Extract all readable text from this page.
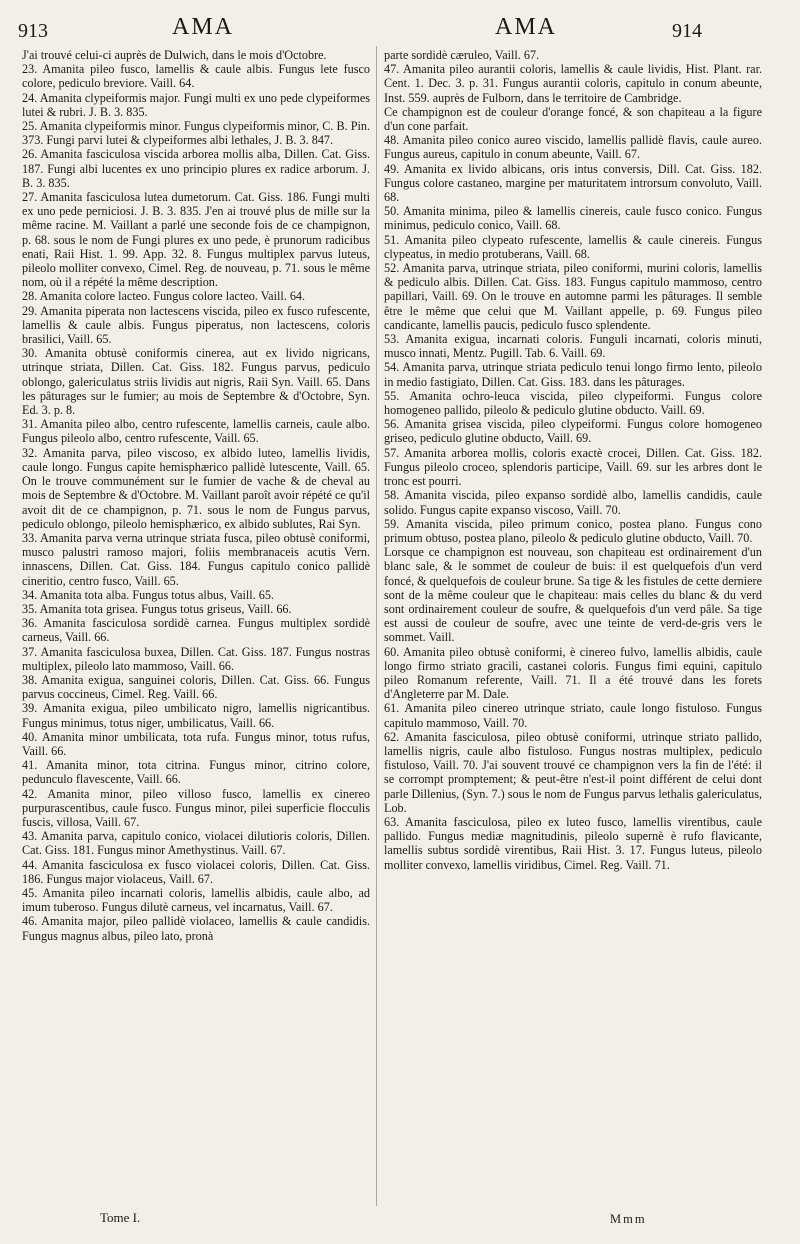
913	AMA	AMA	914

J'ai trouvé celui-ci auprès de Dulwich, dans le mois d'Octobre.

23. Amanita pileo fusco, lamellis & caule albis. Fungus lete fusco colore, pediculo breviore. Vaill. 64.

24. Amanita clypeiformis major. Fungi multi ex uno pede clypeiformes lutei & rubri. J. B. 3. 835.

25. Amanita clypeiformis minor. Fungus clypeiformis minor, C. B. Pin. 373. Fungi parvi lutei & clypeiformes albi lethales, J. B. 3. 847.

26. Amanita fasciculosa viscida arborea mollis alba, Dillen. Cat. Giss. 187. Fungi albi lucentes ex uno principio plures ex radice arborum. J. B. 3. 835.

27. Amanita fasciculosa lutea dumetorum. Cat. Giss. 186. Fungi multi ex uno pede perniciosi. J. B. 3. 835. J'en ai trouvé plus de mille sur la même racine. M. Vaillant a parlé une seconde fois de ce champignon, p. 68. sous le nom de Fungi plures ex uno pede, è prunorum radicibus enati, Raii Hist. 1. 99. App. 32. 8. Fungus multiplex parvus luteus, pileolo molliter convexo, Cimel. Reg. de nouveau, p. 71. sous le même nom, où il a répété la même description.

28. Amanita colore lacteo. Fungus colore lacteo. Vaill. 64.

29. Amanita piperata non lactescens viscida, pileo ex fusco rufescente, lamellis & caule albis. Fungus piperatus, non lactescens, coloris brasilici, Vaill. 65.

30. Amanita obtusè coniformis cinerea, aut ex livido nigricans, utrinque striata, Dillen. Cat. Giss. 182. Fungus parvus, pediculo oblongo, galericulatus striis lividis aut nigris, Raii Syn. Vaill. 65. Dans les pâturages sur le fumier; au mois de Septembre & d'Octobre, Syn. Ed. 3. p. 8.

31. Amanita pileo albo, centro rufescente, lamellis carneis, caule albo. Fungus pileolo albo, centro rufescente, Vaill. 65.

32. Amanita parva, pileo viscoso, ex albido luteo, lamellis lividis, caule longo. Fungus capite hemisphærico pallidè lutescente, Vaill. 65. On le trouve communément sur le fumier de vache & de cheval au mois de Septembre & d'Octobre. M. Vaillant paroît avoir répété ce qu'il avoit dit de ce champignon, p. 71. sous le nom de Fungus parvus, pediculo oblongo, pileolo hemisphærico, ex albido sublutes, Rai Syn.

33. Amanita parva verna utrinque striata fusca, pileo obtusè coniformi, musco palustri ramoso majori, foliis membranaceis acutis Vern. innascens, Dillen. Cat. Giss. 184. Fungus capitulo conico pallidè cineritio, centro fusco, Vaill. 65.

34. Amanita tota alba. Fungus totus albus, Vaill. 65.

35. Amanita tota grisea. Fungus totus griseus, Vaill. 66.

36. Amanita fasciculosa sordidè carnea. Fungus multiplex sordidè carneus, Vaill. 66.

37. Amanita fasciculosa buxea, Dillen. Cat. Giss. 187. Fungus nostras multiplex, pileolo lato mammoso, Vaill. 66.

38. Amanita exigua, sanguinei coloris, Dillen. Cat. Giss. 66. Fungus parvus coccineus, Cimel. Reg. Vaill. 66.

39. Amanita exigua, pileo umbilicato nigro, lamellis nigricantibus. Fungus minimus, totus niger, umbilicatus, Vaill. 66.

40. Amanita minor umbilicata, tota rufa. Fungus minor, totus rufus, Vaill. 66.

41. Amanita minor, tota citrina. Fungus minor, citrino colore, pedunculo flavescente, Vaill. 66.

42. Amanita minor, pileo villoso fusco, lamellis ex cinereo purpurascentibus, caule fusco. Fungus minor, pilei superficie flocculis fuscis, villosa, Vaill. 67.

43. Amanita parva, capitulo conico, violacei dilutioris coloris, Dillen. Cat. Giss. 181. Fungus minor Amethystinus. Vaill. 67.

44. Amanita fasciculosa ex fusco violacei coloris, Dillen. Cat. Giss. 186. Fungus major violaceus, Vaill. 67.

45. Amanita pileo incarnati coloris, lamellis albidis, caule albo, ad imum tuberoso. Fungus dilutè carneus, vel incarnatus, Vaill. 67.

46. Amanita major, pileo pallidè violaceo, lamellis & caule candidis. Fungus magnus albus, pileo lato, pronà

parte sordidè cæruleo, Vaill. 67.

47. Amanita pileo aurantii coloris, lamellis & caule lividis, Hist. Plant. rar. Cent. 1. Dec. 3. p. 31. Fungus aurantii coloris, capitulo in conum abeunte, Inst. 559. auprès de Fulborn, dans le territoire de Cambridge.

Ce champignon est de couleur d'orange foncé, & son chapiteau a la figure d'un cone parfait.

48. Amanita pileo conico aureo viscido, lamellis pallidè flavis, caule aureo. Fungus aureus, capitulo in conum abeunte, Vaill. 67.

49. Amanita ex livido albicans, oris intus conversis, Dill. Cat. Giss. 182. Fungus colore castaneo, margine per maturitatem introrsum convoluto, Vaill. 68.

50. Amanita minima, pileo & lamellis cinereis, caule fusco conico. Fungus minimus, pediculo conico, Vaill. 68.

51. Amanita pileo clypeato rufescente, lamellis & caule cinereis. Fungus clypeatus, in medio protuberans, Vaill. 68.

52. Amanita parva, utrinque striata, pileo coniformi, murini coloris, lamellis & pediculo albis. Dillen. Cat. Giss. 183. Fungus capitulo mammoso, centro papillari, Vaill. 69. On le trouve en automne parmi les pâturages. Il semble être le même que celui que M. Vaillant appelle, p. 69. Fungus pileo candicante, lamellis paucis, pediculo fusco splendente.

53. Amanita exigua, incarnati coloris. Funguli incarnati, coloris minuti, musco innati, Mentz. Pugill. Tab. 6. Vaill. 69.

54. Amanita parva, utrinque striata pediculo tenui longo firmo lento, pileolo in medio fastigiato, Dillen. Cat. Giss. 183. dans les pâturages.

55. Amanita ochro-leuca viscida, pileo clypeiformi. Fungus colore homogeneo pallido, pileolo & pediculo glutine obducto. Vaill. 69.

56. Amanita grisea viscida, pileo clypeiformi. Fungus colore homogeneo griseo, pediculo glutine obducto, Vaill. 69.

57. Amanita arborea mollis, coloris exactè crocei, Dillen. Cat. Giss. 182. Fungus pileolo croceo, splendoris participe, Vaill. 69. sur les arbres dont le tronc est pourri.

58. Amanita viscida, pileo expanso sordidè albo, lamellis candidis, caule solido. Fungus capite expanso viscoso, Vaill. 70.

59. Amanita viscida, pileo primum conico, postea plano. Fungus cono primum obtuso, postea plano, pileolo & pediculo glutine obducto, Vaill. 70.

Lorsque ce champignon est nouveau, son chapiteau est ordinairement d'un blanc sale, & le sommet de couleur de buis: il est quelquefois d'un verd foncé, & quelquefois de couleur brune. Sa tige & les fistules de cette derniere sont de la même couleur que le chapiteau: mais celles du blanc & du verd sont ordinairement couleur de soufre, & quelquefois d'un verd pâle. Sa tige est aussi de couleur de soufre, avec une teinte de verd-de-gris vers le sommet. Vaill.

60. Amanita pileo obtusè coniformi, è cinereo fulvo, lamellis albidis, caule longo firmo striato gracili, castanei coloris. Fungus fimi equini, capitulo pileo Romanum referente, Vaill. 71. Il a été trouvé dans les forets d'Angleterre par M. Dale.

61. Amanita pileo cinereo utrinque striato, caule longo fistuloso. Fungus capitulo mammoso, Vaill. 70.

62. Amanita fasciculosa, pileo obtusè coniformi, utrinque striato pallido, lamellis nigris, caule albo fistuloso. Fungus nostras multiplex, pediculo fistuloso, Vaill. 70. J'ai souvent trouvé ce champignon vers la fin de l'été: il se corrompt promptement; & peut-être n'est-il point différent de celui dont parle Dillenius, (Syn. 7.) sous le nom de Fungus parvus lethalis galericulatus, Lob.

63. Amanita fasciculosa, pileo ex luteo fusco, lamellis virentibus, caule pallido. Fungus mediæ magnitudinis, pileolo supernè è rufo flavicante, lamellis subtus sordidè virentibus, Raii Hist. 3. 17. Fungus luteus, pileolo molliter convexo, lamellis viridibus, Cimel. Reg. Vaill. 71.

Tome I.	Mmm
